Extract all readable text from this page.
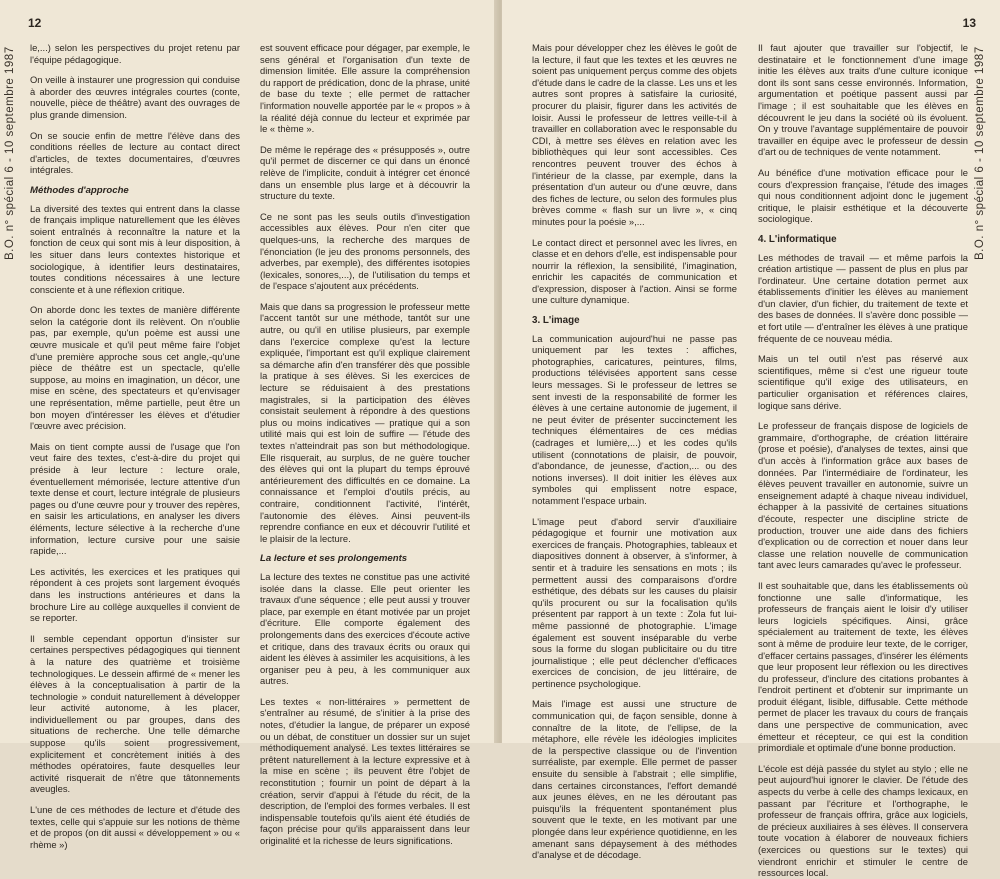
12
B.O. n° spécial 6 - 10 septembre 1987	le,...) selon les perspectives du projet retenu par l'équipe pédagogique.

On veille à instaurer une progression qui conduise à aborder des œuvres intégrales courtes (conte, nouvelle, pièce de théâtre) avant des ouvrages de plus grande dimension.

On se soucie enfin de mettre l'élève dans des conditions réelles de lecture au contact direct d'articles, de textes documentaires, d'œuvres intégrales.

Méthodes d'approche

La diversité des textes qui entrent dans la classe de français implique naturellement que les élèves soient entraînés à reconnaître la nature et la fonction de ceux qui sont mis à leur disposition, à les situer dans leurs contextes historique et sociologique, à identifier leurs destinataires, toutes conditions nécessaires à une lecture consciente et à une réflexion critique.

On aborde donc les textes de manière différente selon la catégorie dont ils relèvent. On n'oublie pas, par exemple, qu'un poème est aussi une œuvre musicale et qu'il peut même faire l'objet d'une première approche sous cet angle,-qu'une pièce de théâtre est un spectacle, qu'elle suppose, au moins en imagination, un décor, une mise en scène, des spectateurs et qu'envisager une représentation, même partielle, peut être un bon moyen d'intéresser les élèves et d'étudier l'œuvre avec précision.

Mais on tient compte aussi de l'usage que l'on veut faire des textes, c'est-à-dire du projet qui préside à leur lecture : lecture orale, éventuellement mémorisée, lecture attentive d'un texte dense et court, lecture intégrale de plusieurs pages ou d'une œuvre pour y trouver des repères, en saisir les articulations, en analyser les divers éléments, lecture sélective à la recherche d'une information, lecture cursive pour une saisie rapide,...

Les activités, les exercices et les pratiques qui répondent à ces projets sont largement évoqués dans les instructions antérieures et dans la brochure Lire au collège auxquelles il convient de se reporter.

Il semble cependant opportun d'insister sur certaines perspectives pédagogiques qui tiennent à la nature des quatrième et troisième technologiques. Le dessein affirmé de « mener les élèves à la conceptualisation à partir de la technologie » conduit naturellement à développer leur activité autonome, à les placer, individuellement ou par groupes, dans des situations de recherche. Une telle démarche suppose qu'ils soient progressivement, explicitement et concrètement initiés à des méthodes opératoires, faute desquelles leur activité risquerait de n'être que tâtonnements aveugles.

L'une de ces méthodes de lecture et d'étude des textes, celle qui s'appuie sur les notions de thème et de propos (on dit aussi « développement » ou « rhème »)

est souvent efficace pour dégager, par exemple, le sens général et l'organisation d'un texte de dimension limitée. Elle assure la compréhension du rapport de prédication, donc de la phrase, unité de base du texte ; elle permet de rattacher l'information nouvelle apportée par le « propos » à la réalité déjà connue du lecteur et exprimée par le « thème ».

De même le repérage des « présupposés », outre qu'il permet de discerner ce qui dans un énoncé relève de l'implicite, conduit à intégrer cet énoncé dans un ensemble plus large et à découvrir la structure du texte.

Ce ne sont pas les seuls outils d'investigation accessibles aux élèves. Pour n'en citer que quelques-uns, la recherche des marques de l'énonciation (le jeu des pronoms personnels, des adverbes, par exemple), des différentes isotopies (lexicales, sonores,...), de l'utilisation du temps et de l'espace s'ajoutent aux précédents.

Mais que dans sa progression le professeur mette l'accent tantôt sur une méthode, tantôt sur une autre, ou qu'il en utilise plusieurs, par exemple dans l'exercice complexe qu'est la lecture expliquée, l'important est qu'il explique clairement sa démarche afin d'en transférer dès que possible la pratique à ses élèves. Si les exercices de lecture se réduisaient à des prestations magistrales, si la participation des élèves consistait seulement à répondre à des questions plus ou moins indicatives — pratique qui a son utilité mais qui est loin de suffire — l'étude des textes n'atteindrait pas son but méthodologique. Elle risquerait, au surplus, de ne guère toucher des élèves qui ont la plupart du temps éprouvé antérieurement des difficultés en ce domaine. La connaissance et l'emploi d'outils précis, au contraire, conditionnent l'activité, l'intérêt, l'autonomie des élèves. Ainsi peuvent-ils reprendre confiance en eux et découvrir l'utilité et le plaisir de la lecture.

La lecture et ses prolongements

La lecture des textes ne constitue pas une activité isolée dans la classe. Elle peut orienter les travaux d'une séquence ; elle peut aussi y trouver place, par exemple en étant motivée par un projet d'écriture. Elle comporte également des prolongements dans des exercices d'écoute active et critique, dans des travaux écrits ou oraux qui aident les élèves à assimiler les acquisitions, à les organiser peu à peu, à les communiquer aux autres.

Les textes « non-littéraires » permettent de s'entraîner au résumé, de s'initier à la prise des notes, d'étudier la langue, de préparer un exposé ou un débat, de constituer un dossier sur un sujet méthodiquement analysé. Les textes littéraires se prêtent naturellement à la lecture expressive et à la mise en scène ; ils peuvent être l'objet de reconstitution ; fournir un point de départ à la création, servir d'appui à l'étude du récit, de la description, de l'emploi des formes verbales. Il est indispensable toutefois qu'ils aient été étudiés de façon précise pour qu'ils apparaissent dans leur originalité et la richesse de leurs significations.

13
B.O. n° spécial 6 - 10 septembre 1987

Mais pour développer chez les élèves le goût de la lecture, il faut que les textes et les œuvres ne soient pas uniquement perçus comme des objets d'étude dans le cadre de la classe. Les uns et les autres sont propres à satisfaire la curiosité, procurer du plaisir, figurer dans les activités de loisir. Aussi le professeur de lettres veille-t-il à travailler en collaboration avec le responsable du CDI, à mettre ses élèves en relation avec les bibliothèques qui leur sont accessibles. Ces rencontres peuvent trouver des échos à l'intérieur de la classe, par exemple, dans la présentation d'un auteur ou d'une œuvre, dans des fiches de lecture, ou selon des formules plus brèves comme « flash sur un livre », « cinq minutes pour la poésie »,...

Le contact direct et personnel avec les livres, en classe et en dehors d'elle, est indispensable pour nourrir la réflexion, la sensibilité, l'imagination, enrichir les capacités de communication et d'expression, disposer à l'action. Ainsi se forme une culture dynamique.

3. L'image

La communication aujourd'hui ne passe pas uniquement par les textes : affiches, photographies, caricatures, peintures, films, productions télévisées apportent sans cesse leurs messages. Si le professeur de lettres se sent investi de la responsabilité de former les élèves à une certaine autonomie de jugement, il ne peut éviter de présenter succinctement les techniques élémentaires de ces médias (cadrages et lumière,...) et les codes qu'ils utilisent (connotations de plaisir, de pouvoir, d'abondance, de jeunesse, d'action,... ou des notions inverses). Il doit initier les élèves aux symboles qui emplissent notre espace, notamment l'espace urbain.

L'image peut d'abord servir d'auxiliaire pédagogique et fournir une motivation aux exercices de français. Photographies, tableaux et diapositives donnent à observer, à s'informer, à sentir et à traduire les sensations en mots ; ils permettent aussi des comparaisons d'ordre esthétique, des débats sur les causes du plaisir qu'ils procurent ou sur la focalisation qu'ils présentent par rapport à un texte : Zola fut lui-même passionné de photographie. L'image également est souvent inséparable du verbe sous la forme du slogan publicitaire ou du titre journalistique ; elle peut déclencher d'efficaces exercices de concision, de jeu littéraire, de pertinence psychologique.

Mais l'image est aussi une structure de communication qui, de façon sensible, donne à connaître de la litote, de l'ellipse, de la métaphore, elle révèle les idéologies implicites de la perspective classique ou de l'invention surréaliste, par exemple. Elle permet de passer ensuite du sensible à l'abstrait ; elle simplifie, dans certaines circonstances, l'effort demandé aux jeunes élèves, en ne les déroutant pas puisqu'ils la fréquentent spontanément plus souvent que le texte, en les motivant par une plongée dans leur expérience quotidienne, en les amenant sans dépaysement à des méthodes d'analyse et de décodage.

Il faut ajouter que travailler sur l'objectif, le destinataire et le fonctionnement d'une image initie les élèves aux traits d'une culture iconique dont ils sont sans cesse environnés. Information, argumentation et poétique passent aussi par l'image ; il est souhaitable que les élèves en découvrent le jeu dans la société où ils évoluent. On y trouve l'avantage supplémentaire de pouvoir travailler en équipe avec le professeur de dessin d'art ou de techniques de vente notamment.

Au bénéfice d'une motivation efficace pour le cours d'expression française, l'étude des images qui nous conditionnent adjoint donc le jugement critique, le plaisir esthétique et la découverte sociologique.

4. L'informatique

Les méthodes de travail — et même parfois la création artistique — passent de plus en plus par l'ordinateur. Une certaine dotation permet aux établissements d'initier les élèves au maniement d'un clavier, d'un fichier, du traitement de texte et des bases de données. Il s'avère donc possible — et fort utile — d'entraîner les élèves à une pratique fréquente de ce nouveau média.

Mais un tel outil n'est pas réservé aux scientifiques, même si c'est une rigueur toute scientifique qu'il exige des utilisateurs, en particulier organisation et références claires, logique sans dérive.

Le professeur de français dispose de logiciels de grammaire, d'orthographe, de création littéraire (prose et poésie), d'analyses de textes, ainsi que d'un accès à l'information grâce aux bases de données. Par l'intermédiaire de l'ordinateur, les élèves peuvent travailler en autonomie, suivre un enseignement adapté à chaque niveau individuel, échapper à la passivité de certaines situations d'écoute, respecter une discipline stricte de production, trouver une aide dans des fichiers d'explication ou de correction et nouer dans leur classe une relation nouvelle de communication tant avec leurs camarades qu'avec le professeur.

Il est souhaitable que, dans les établissements où fonctionne une salle d'informatique, les professeurs de français aient le loisir d'y utiliser leurs logiciels spécifiques. Ainsi, grâce spécialement au traitement de texte, les élèves sont à même de produire leur texte, de le corriger, d'effacer certains passages, d'insérer les éléments que leur proposent leur réflexion ou les directives du professeur, d'inclure des citations probantes à l'endroit pertinent et d'obtenir sur imprimante un produit élégant, lisible, diffusable. Cette méthode permet de placer les travaux du cours de français dans une perspective de communication, avec émetteur et récepteur, ce qui est la condition primordiale et optimale d'une bonne production.

L'école est déjà passée du stylet au stylo ; elle ne peut aujourd'hui ignorer le clavier. De l'étude des aspects du verbe à celle des champs lexicaux, en passant par l'écriture et l'orthographe, le professeur de français offrira, grâce aux logiciels, de précieux auxiliaires à ses élèves. Il conservera toute vocation à élaborer de nouveaux fichiers (exercices ou questions sur le textes) qui viendront enrichir et stimuler le centre de ressources local.
